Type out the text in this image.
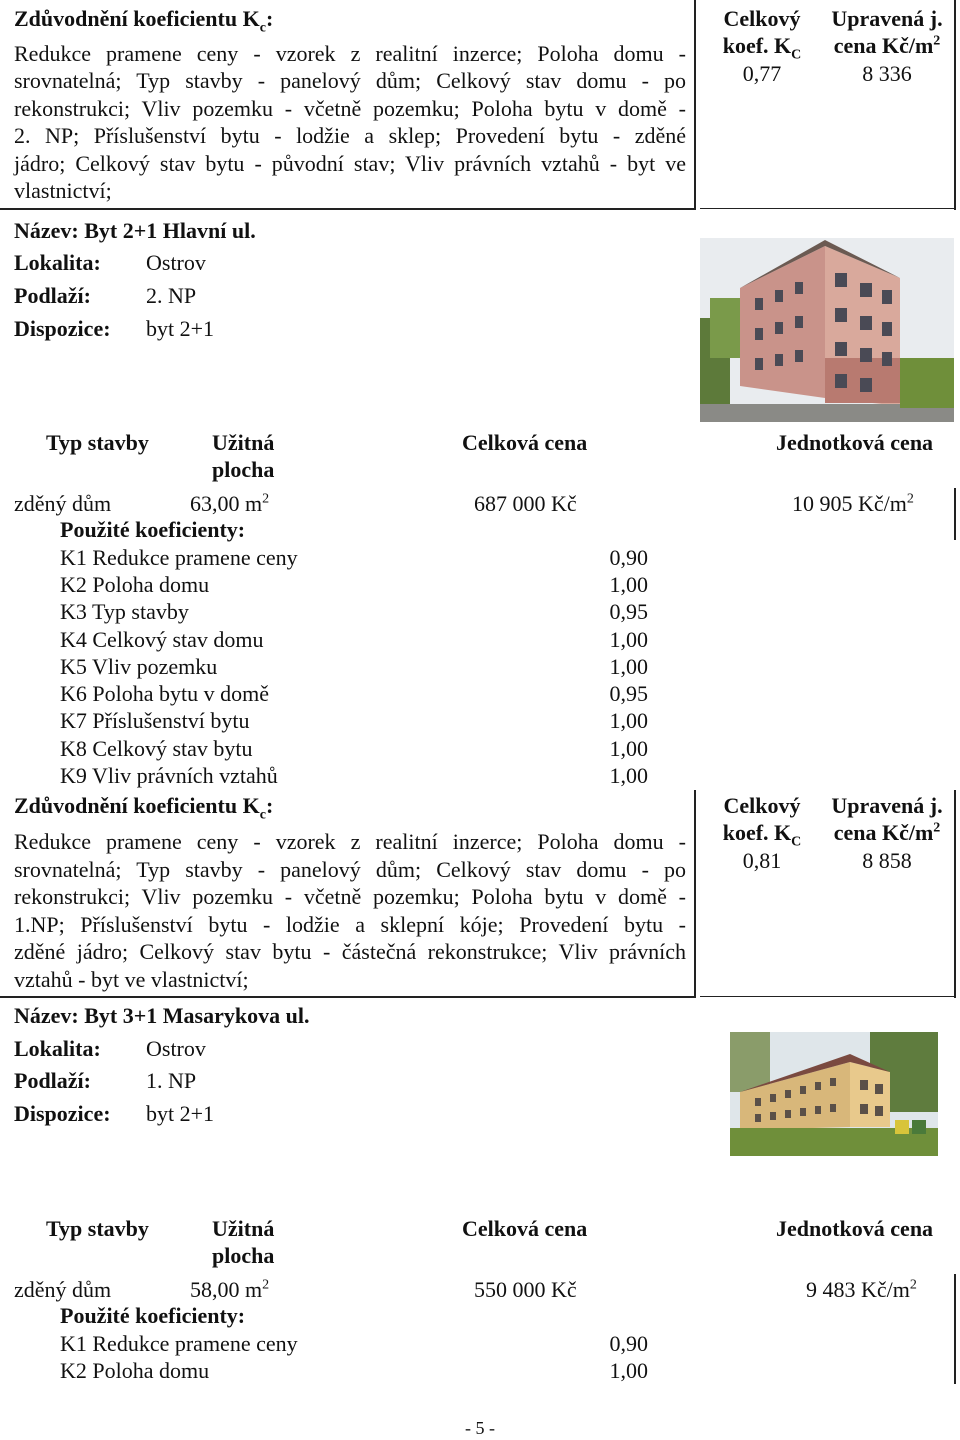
Zdůvodnění koeficientu $K_c$:
Redukce pramene ceny - vzorek z realitní inzerce; Poloha domu -
srovnatelná; Typ stavby - panelový dům; Celkový stav domu - po
rekonstrukci; Vliv pozemku - včetně pozemku; Poloha bytu v domě -
2. NP; Příslušenství bytu - lodžie a sklep; Provedení bytu - zděné
jádro; Celkový stav bytu - původní stav; Vliv právních vztahů - byt ve
vlastnictví;
Celkový
koef. $K_C$
Upravená j.
cena $Kč/m^2$
0,77	8 336
Název: Byt 2+1 Hlavní ul.
Lokalita: Ostrov
Podlaží:	2. NP
Dispozice: byt 2+1
Typ stavby	Užitná
plocha
Celková cena	Jednotková cena
zděný dům	63,00 $m^2$	687 000 Kč	10 905 $Kč/m^2$
Použité koeficienty:
K1 Redukce pramene ceny	0,90
K2 Poloha domu	1,00
K3 Typ stavby	0,95
K4 Celkový stav domu	1,00
K5 Vliv pozemku	1,00
K6 Poloha bytu v domě	0,95
K7 Příslušenství bytu	1,00
K8 Celkový stav bytu	1,00
K9 Vliv právních vztahů	1,00
Zdůvodnění koeficientu $K_c$:
Redukce pramene ceny - vzorek z realitní inzerce; Poloha domu -
srovnatelná; Typ stavby - panelový dům; Celkový stav domu - po
rekonstrukci; Vliv pozemku - včetně pozemku; Poloha bytu v domě -
1.NP; Příslušenství bytu - lodžie a sklepní kóje; Provedení bytu -
zděné jádro; Celkový stav bytu - částečná rekonstrukce; Vliv právních
vztahů - byt ve vlastnictví;
Celkový
koef. $K_C$
Upravená j.
cena $Kč/m^2$
0,81	8 858
Název: Byt 3+1 Masarykova ul.
Lokalita: Ostrov
Podlaží:	1. NP
Dispozice: byt 2+1
Typ stavby	Užitná
plocha
Celková cena	Jednotková cena
zděný dům	58,00 $m^2$	550 000 Kč	9 483 $Kč/m^2$
Použité koeficienty:
K1 Redukce pramene ceny	0,90
K2 Poloha domu	1,00
- 5 -
